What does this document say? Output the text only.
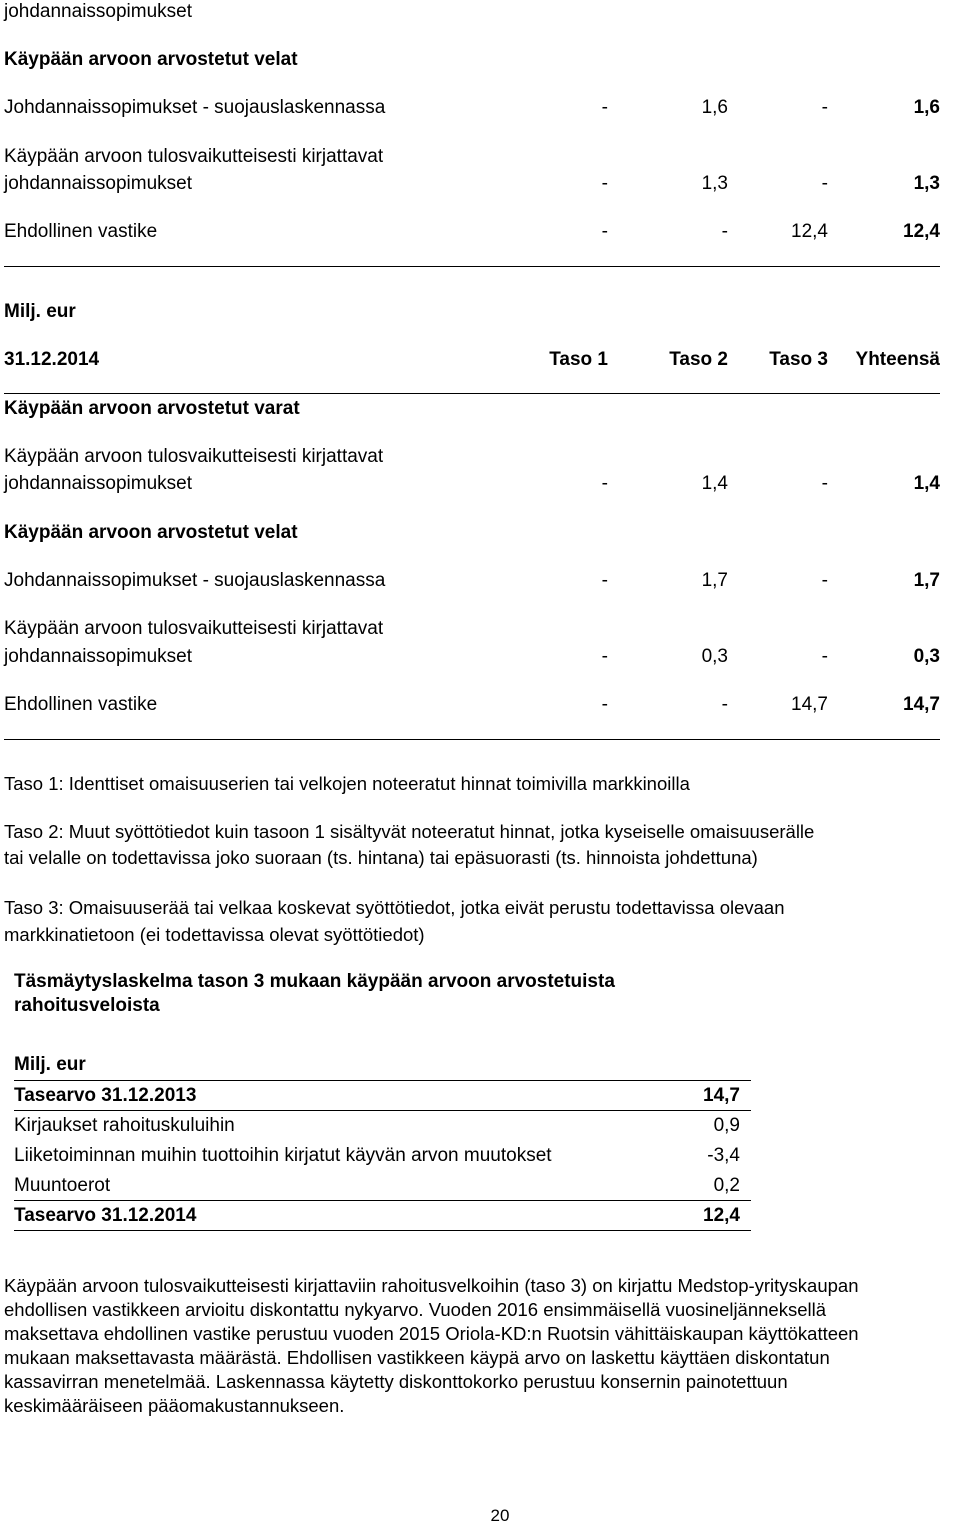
johdannaissopimukset
Käypään arvoon arvostetut velat
Johdannaissopimukset - suojauslaskennassa	-	1,6	-	1,6
Käypään arvoon tulosvaikutteisesti kirjattavat
johdannaissopimukset	-	1,3	-	1,3
Ehdollinen vastike	-	-	12,4	12,4
Milj. eur
31.12.2014	Taso 1	Taso 2	Taso 3	Yhteensä
Käypään arvoon arvostetut varat
Käypään arvoon tulosvaikutteisesti kirjattavat
johdannaissopimukset	-	1,4	-	1,4
Käypään arvoon arvostetut velat
Johdannaissopimukset - suojauslaskennassa	-	1,7	-	1,7
Käypään arvoon tulosvaikutteisesti kirjattavat
johdannaissopimukset	-	0,3	-	0,3
Ehdollinen vastike	-	-	14,7	14,7
Taso 1: Identtiset omaisuuserien tai velkojen noteeratut hinnat toimivilla markkinoilla
Taso 2: Muut syöttötiedot kuin tasoon 1 sisältyvät noteeratut hinnat, jotka kyseiselle omaisuuserälle
tai velalle on todettavissa joko suoraan (ts. hintana) tai epäsuorasti (ts. hinnoista johdettuna)
Taso 3: Omaisuuserää tai velkaa koskevat syöttötiedot, jotka eivät perustu todettavissa olevaan
markkinatietoon (ei todettavissa olevat syöttötiedot)
Täsmäytyslaskelma tason 3 mukaan käypään arvoon arvostetuista
rahoitusveloista
Milj. eur
Tasearvo 31.12.2013	14,7
Kirjaukset rahoituskuluihin	0,9
Liiketoiminnan muihin tuottoihin kirjatut käyvän arvon muutokset	-3,4
Muuntoerot	0,2
Tasearvo 31.12.2014	12,4
Käypään arvoon tulosvaikutteisesti kirjattaviin rahoitusvelkoihin (taso 3) on kirjattu Medstop-yrityskaupan
ehdollisen vastikkeen arvioitu diskontattu nykyarvo. Vuoden 2016 ensimmäisellä vuosineljänneksellä
maksettava ehdollinen vastike perustuu vuoden 2015 Oriola-KD:n Ruotsin vähittäiskaupan käyttökatteen
mukaan maksettavasta määrästä. Ehdollisen vastikkeen käypä arvo on laskettu käyttäen diskontatun
kassavirran menetelmää. Laskennassa käytetty diskonttokorko perustuu konsernin painotettuun
keskimääräiseen pääomakustannukseen.
20
